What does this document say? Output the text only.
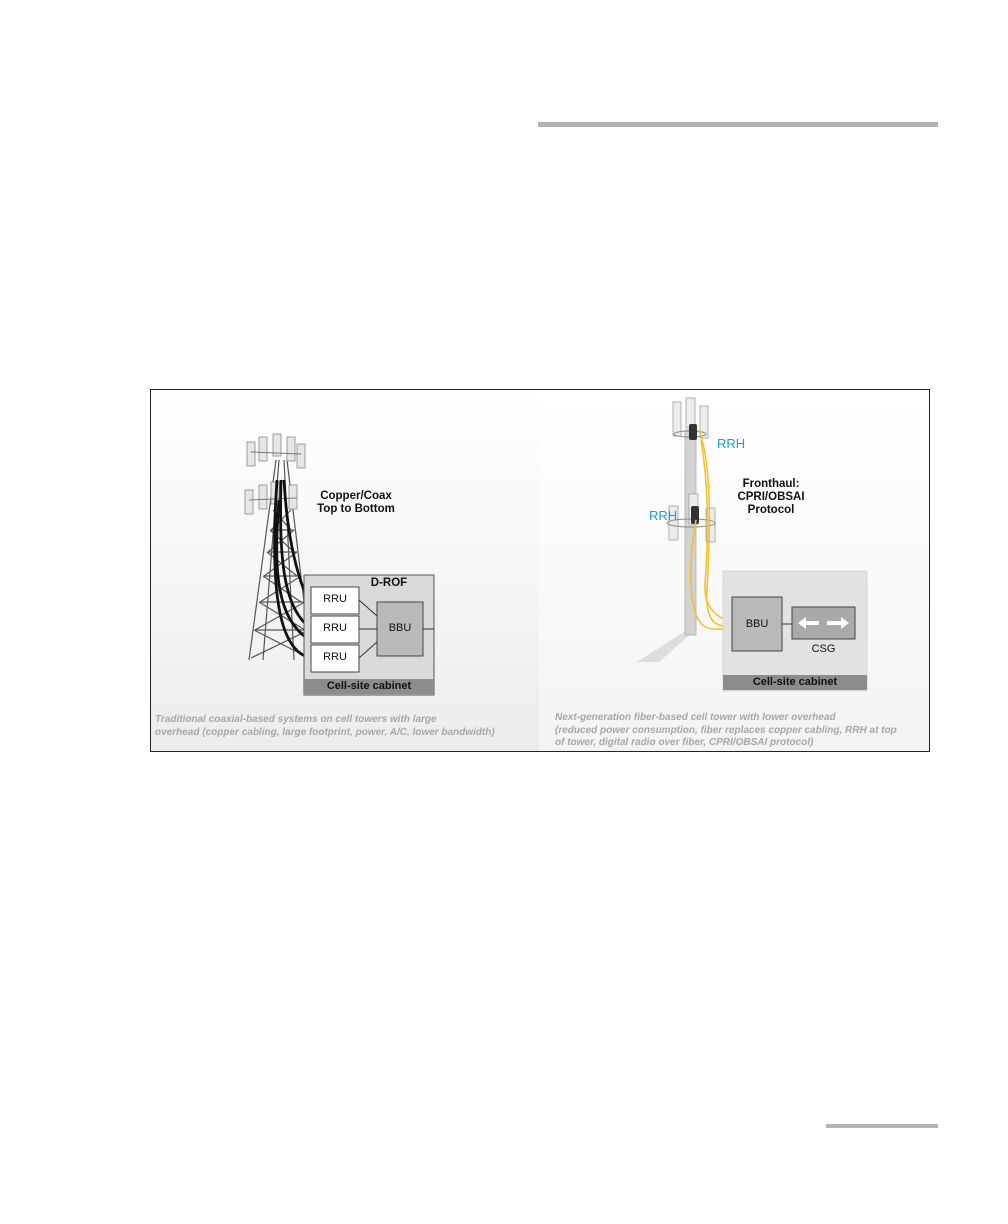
Copper/Coax
Top to Bottom
D-ROF
RRU
RRU
RRU
BBU
Cell-site cabinet
Traditional coaxial-based systems on cell towers with large
overhead (copper cabling, large footprint, power, A/C, lower bandwidth)
RRH
RRH
Fronthaul:
CPRI/OBSAI
Protocol
BBU
CSG
Cell-site cabinet
Next-generation fiber-based cell tower with lower overhead
(reduced power consumption, fiber replaces copper cabling, RRH at top
of tower, digital radio over fiber, CPRI/OBSAI protocol)
